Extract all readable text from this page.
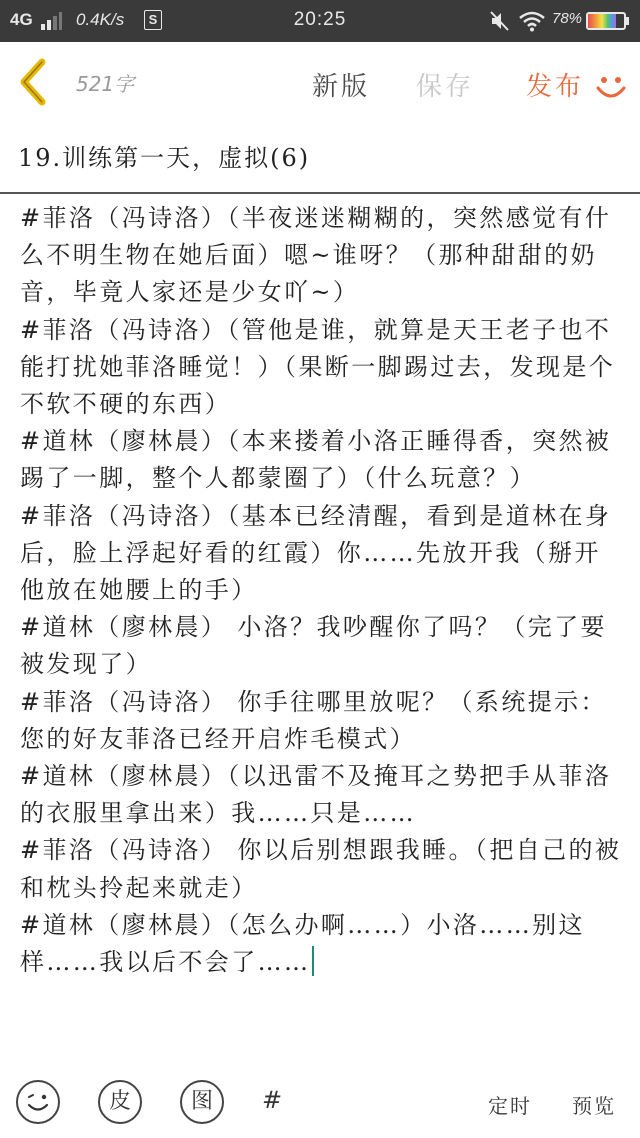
4G	0.4K/s	S	20:25	78%
521字	新版 保存 发布
19.训练第一天，虚拟(6)

#菲洛（冯诗洛）（半夜迷迷糊糊的，突然感觉有什么不明生物在她后面）嗯~谁呀？（那种甜甜的奶音，毕竟人家还是少女吖~）

#菲洛（冯诗洛）（管他是谁，就算是天王老子也不能打扰她菲洛睡觉！）（果断一脚踢过去，发现是个不软不硬的东西）

#道林（廖林晨）（本来搂着小洛正睡得香，突然被踢了一脚，整个人都蒙圈了）（什么玩意？）

#菲洛（冯诗洛）（基本已经清醒，看到是道林在身后，脸上浮起好看的红霞）你……先放开我（掰开他放在她腰上的手）

#道林（廖林晨） 小洛？我吵醒你了吗？（完了要被发现了）

#菲洛（冯诗洛） 你手往哪里放呢？（系统提示：您的好友菲洛已经开启炸毛模式）

#道林（廖林晨）（以迅雷不及掩耳之势把手从菲洛的衣服里拿出来）我……只是……

#菲洛（冯诗洛） 你以后别想跟我睡。（把自己的被和枕头拎起来就走）

#道林（廖林晨）（怎么办啊……）小洛……别这样……我以后不会了……

皮	图	#	定时 预览
